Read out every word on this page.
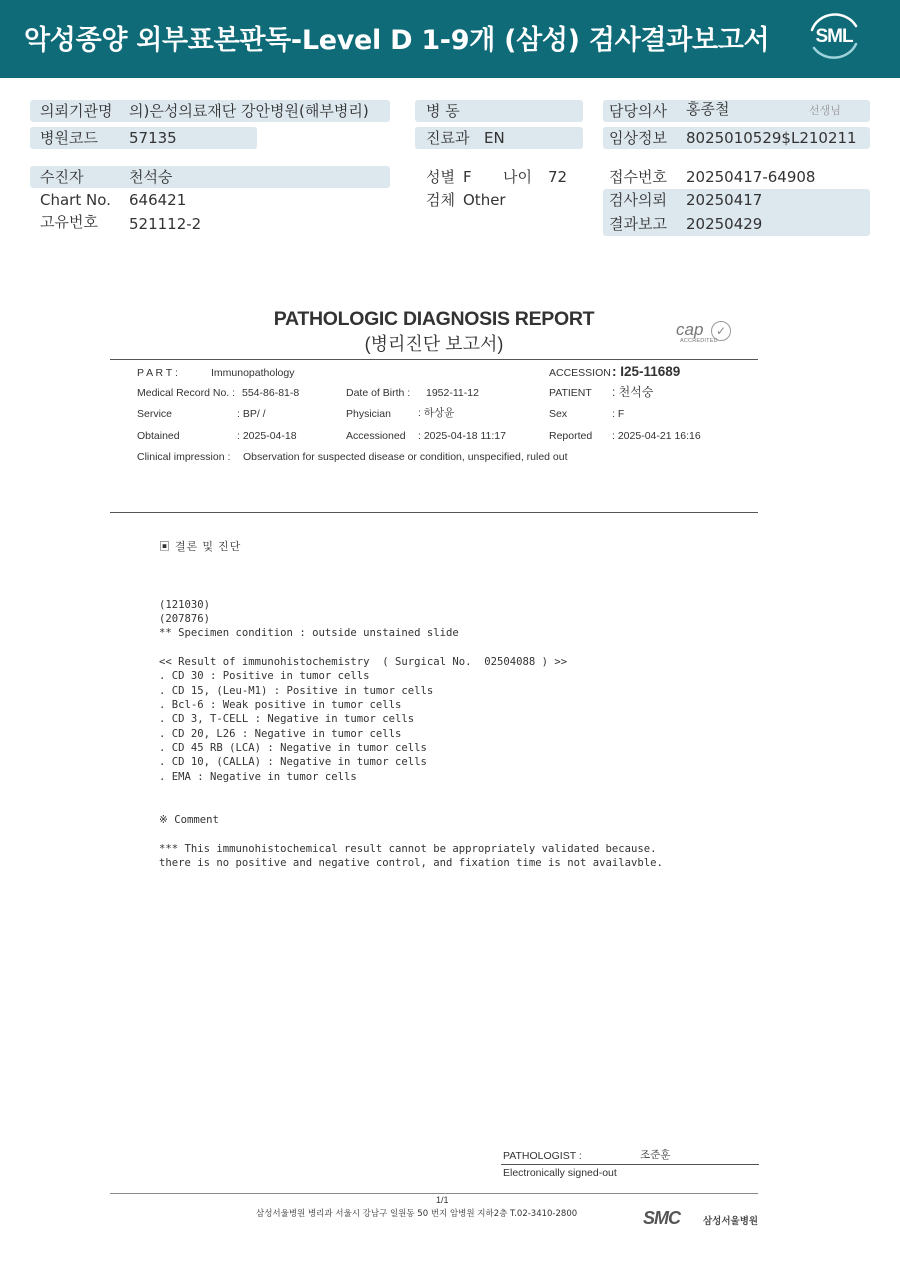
악성종양 외부표본판독-Level D 1-9개 (삼성) 검사결과보고서	SML
의뢰기관명 의)은성의료재단 강안병원(해부병리)	병 동	담당의사 홍종철	선생님
병원코드 57135	진료과 EN	임상정보 8025010529$L210211
수진자	천석숭	성별 F 나이 72	접수번호 20250417-64908
Chart No. 646421	검체 Other	검사의뢰 20250417
고유번호 521112-2	결과보고 20250429
PATHOLOGIC DIAGNOSIS REPORT
(병리진단 보고서)
cap
ACCREDITED
✓
P A R T :	Immunopathology	ACCESSION : I25-11689
Medical Record No. : 554-86-81-8	Date of Birth : 1952-11-12	PATIENT : 천석숭
Service	: BP/ /	Physician	: 하상윤	Sex	: F
Obtained	: 2025-04-18	Accessioned : 2025-04-18 11:17	Reported : 2025-04-21 16:16
Clinical impression : Observation for suspected disease or condition, unspecified, ruled out
▣ 결론 및 진단

(121030)
(207876)
** Specimen condition : outside unstained slide
<< Result of immunohistochemistry  ( Surgical No.  02504088 ) >>
. CD 30 : Positive in tumor cells
. CD 15, (Leu-M1) : Positive in tumor cells
. Bcl-6 : Weak positive in tumor cells
. CD 3, T-CELL : Negative in tumor cells
. CD 20, L26 : Negative in tumor cells
. CD 45 RB (LCA) : Negative in tumor cells
. CD 10, (CALLA) : Negative in tumor cells
. EMA : Negative in tumor cells
※ Comment
*** This immunohistochemical result cannot be appropriately validated because.
there is no positive and negative control, and fixation time is not availavble.

PATHOLOGIST :	조준훈
Electronically signed-out
1/1
삼성서울병원 병리과 서울시 강남구 일원동 50 번지 암병원 지하2층 T.02-3410-2800	SMC 삼성서울병원
